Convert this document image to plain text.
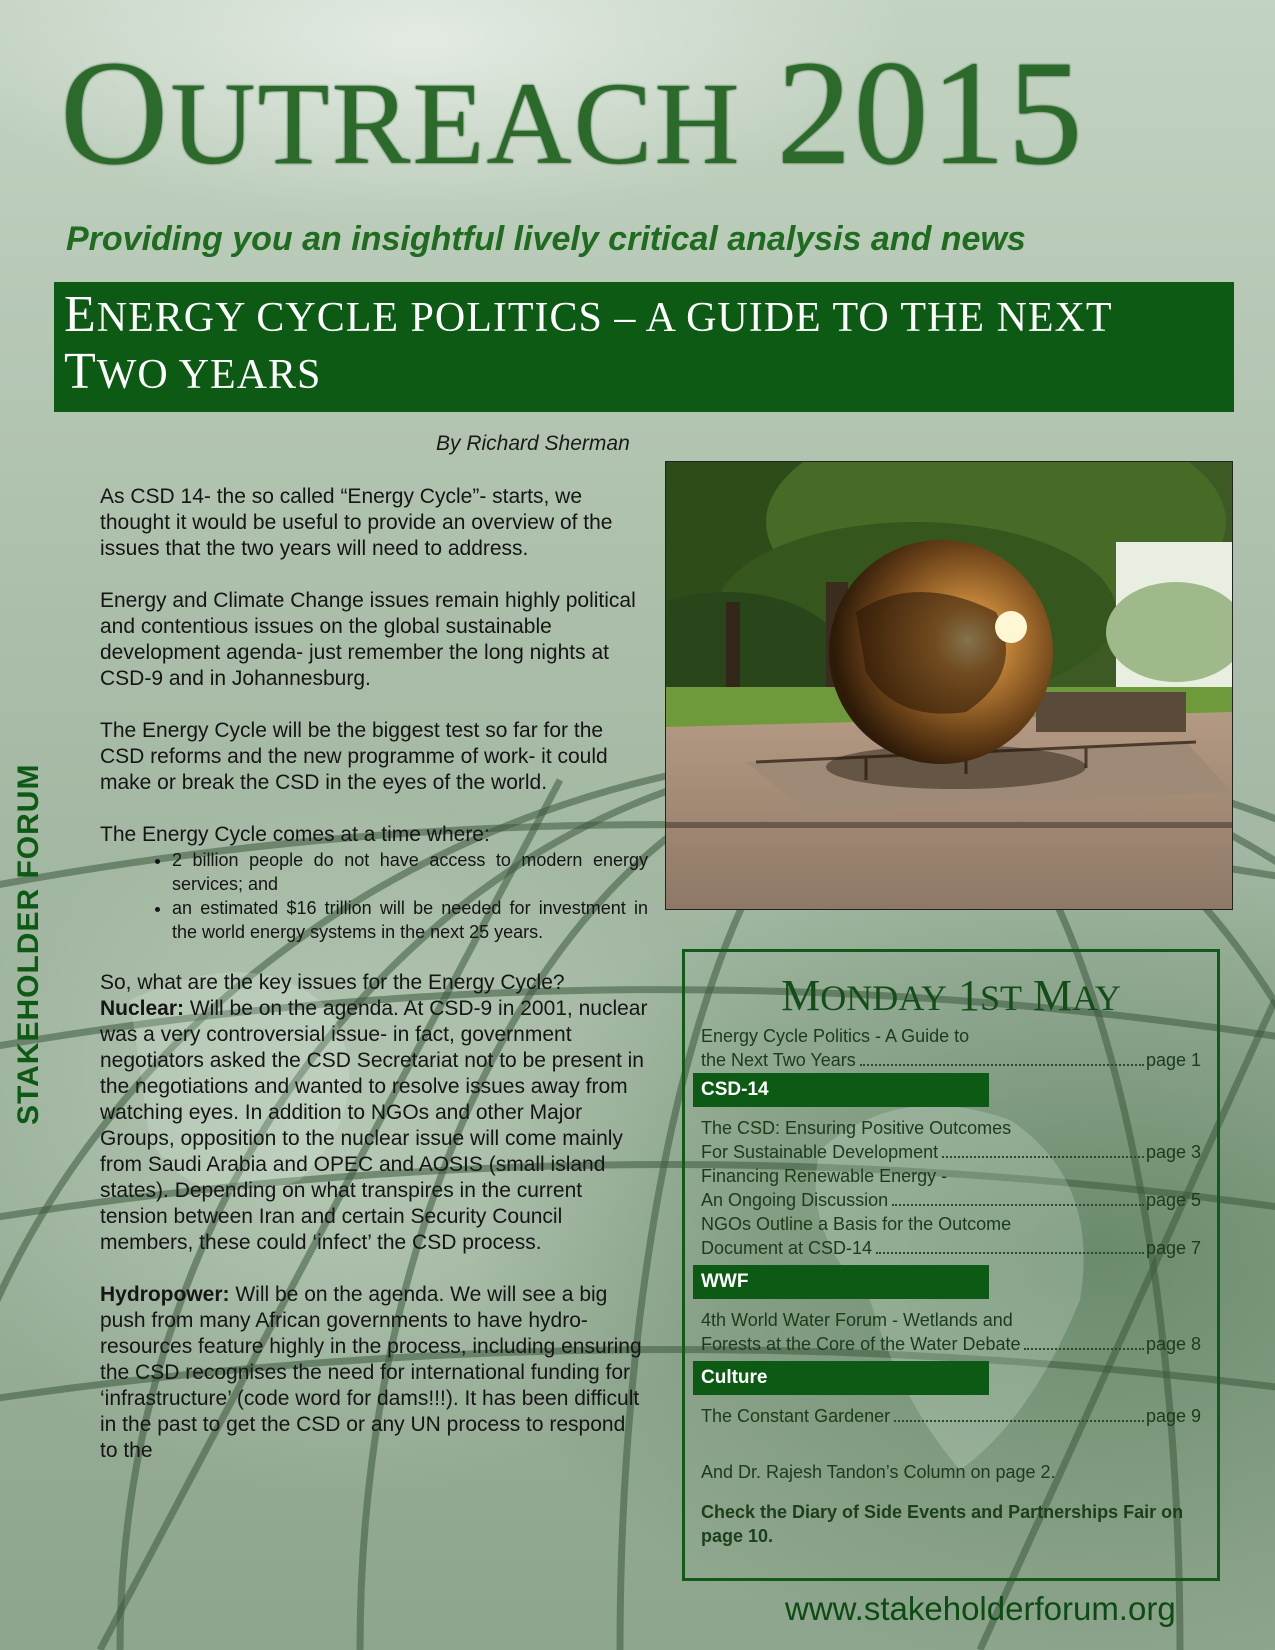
OUTREACH 2015
Providing you an insightful lively critical analysis and news
ENERGY CYCLE POLITICS – A GUIDE TO THE NEXT
TWO YEARS
By Richard Sherman
STAKEHOLDER FORUM

As CSD 14- the so called “Energy Cycle”- starts, we thought it would be useful to provide an overview of the issues that the two years will need to address.

Energy and Climate Change issues remain highly political and contentious issues on the global sustainable development agenda- just remember the long nights at CSD-9 and in Johannesburg.

The Energy Cycle will be the biggest test so far for the CSD reforms and the new programme of work- it could make or break the CSD in the eyes of the world.

The Energy Cycle comes at a time where:

• 2 billion people do not have access to modern energy services; and
• an estimated $16 trillion will be needed for investment in the world energy systems in the next 25 years.

So, what are the key issues for the Energy Cycle?

Nuclear: Will be on the agenda. At CSD-9 in 2001, nuclear was a very controversial issue- in fact, government negotiators asked the CSD Secretariat not to be present in the negotiations and wanted to resolve issues away from watching eyes. In addition to NGOs and other Major Groups, opposition to the nuclear issue will come mainly from Saudi Arabia and OPEC and AOSIS (small island states). Depending on what transpires in the current tension between Iran and certain Security Council members, these could ‘infect’ the CSD process.

Hydropower: Will be on the agenda. We will see a big push from many African governments to have hydro-resources feature highly in the process, including ensuring the CSD recognises the need for international funding for ‘infrastructure’ (code word for dams!!!). It has been difficult in the past to get the CSD or any UN process to respond to the

MONDAY 1ST MAY
Energy Cycle Politics - A Guide to
the Next Two Years	page 1
CSD-14
The CSD: Ensuring Positive Outcomes
For Sustainable Development	page 3
Financing Renewable Energy -
An Ongoing Discussion	page 5
NGOs Outline a Basis for the Outcome
Document at CSD-14	page 7
WWF
4th World Water Forum - Wetlands and
Forests at the Core of the Water Debate	page 8
Culture
The Constant Gardener	page 9
And Dr. Rajesh Tandon’s Column on page 2.
Check the Diary of Side Events and Partnerships Fair on page 10.
www.stakeholderforum.org
